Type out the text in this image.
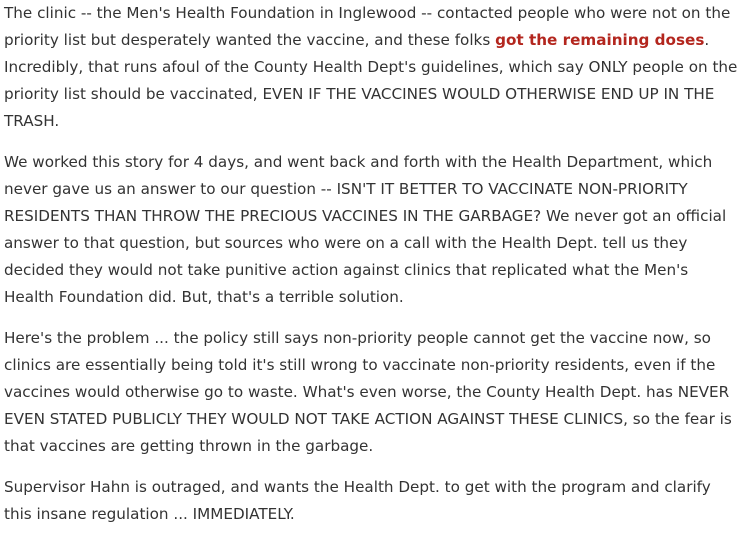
The clinic -- the Men's Health Foundation in Inglewood -- contacted people who were not on the priority list but desperately wanted the vaccine, and these folks got the remaining doses. Incredibly, that runs afoul of the County Health Dept's guidelines, which say ONLY people on the priority list should be vaccinated, EVEN IF THE VACCINES WOULD OTHERWISE END UP IN THE TRASH.

We worked this story for 4 days, and went back and forth with the Health Department, which never gave us an answer to our question -- ISN'T IT BETTER TO VACCINATE NON-PRIORITY RESIDENTS THAN THROW THE PRECIOUS VACCINES IN THE GARBAGE? We never got an official answer to that question, but sources who were on a call with the Health Dept. tell us they decided they would not take punitive action against clinics that replicated what the Men's Health Foundation did. But, that's a terrible solution.

Here's the problem ... the policy still says non-priority people cannot get the vaccine now, so clinics are essentially being told it's still wrong to vaccinate non-priority residents, even if the vaccines would otherwise go to waste. What's even worse, the County Health Dept. has NEVER EVEN STATED PUBLICLY THEY WOULD NOT TAKE ACTION AGAINST THESE CLINICS, so the fear is that vaccines are getting thrown in the garbage.

Supervisor Hahn is outraged, and wants the Health Dept. to get with the program and clarify this insane regulation ... IMMEDIATELY.
